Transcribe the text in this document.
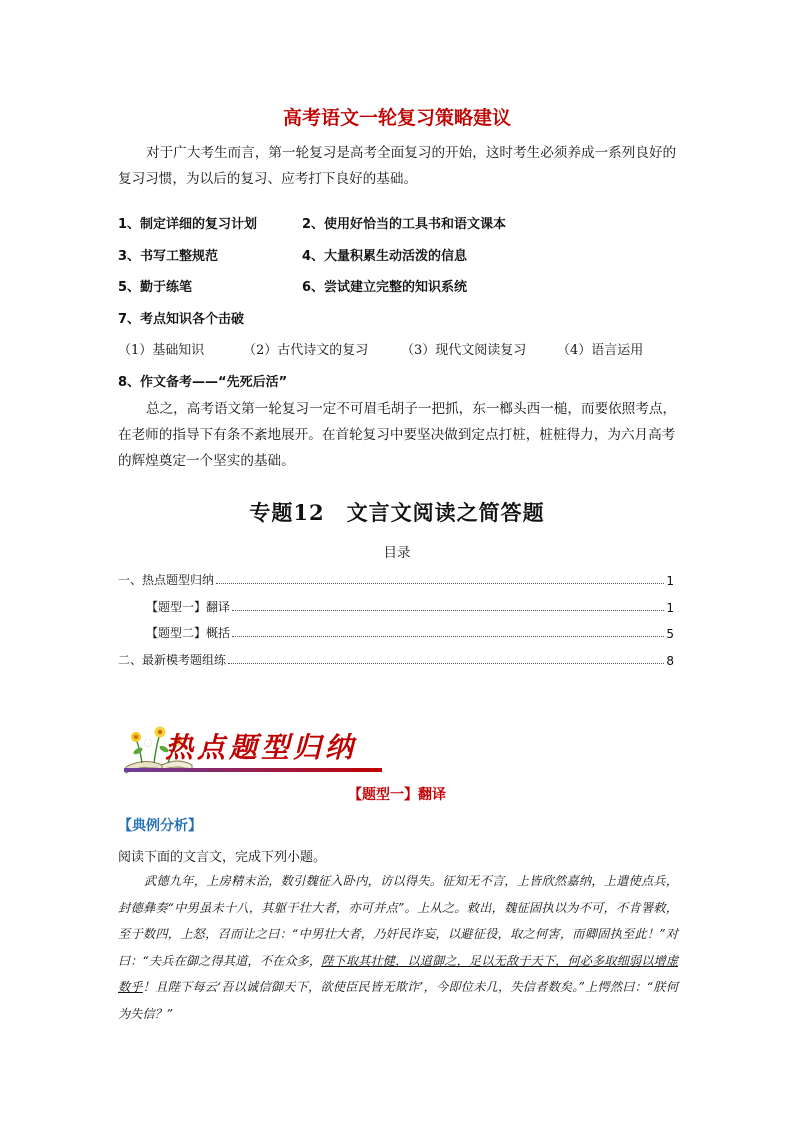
高考语文一轮复习策略建议
对于广大考生而言，第一轮复习是高考全面复习的开始，这时考生必须养成一系列良好的复习习惯，为以后的复习、应考打下良好的基础。
1、制定详细的复习计划	2、使用好恰当的工具书和语文课本
3、书写工整规范	4、大量积累生动活泼的信息
5、勤于练笔	6、尝试建立完整的知识系统
7、考点知识各个击破
（1）基础知识	（2）古代诗文的复习	（3）现代文阅读复习 （4）语言运用
8、作文备考——“先死后活”
总之，高考语文第一轮复习一定不可眉毛胡子一把抓，东一榔头西一槌，而要依照考点，在老师的指导下有条不紊地展开。在首轮复习中要坚决做到定点打桩，桩桩得力，为六月高考的辉煌奠定一个坚实的基础。
专题12　文言文阅读之简答题
目录
一、热点题型归纳	1
【题型一】翻译	1
【题型二】概括	5
二、最新模考题组练	8
热点题型归纳
【题型一】翻译
【典例分析】
阅读下面的文言文，完成下列小题。
武德九年，上房精末治，数引魏征入卧内，访以得失。征知无不言，上皆欣然嘉纳，上遣使点兵，封德彝奏“中男虽未十八，其躯干壮大者，亦可并点”。上从之。敕出，魏征固执以为不可，不肯署敕，至于数四，上怒，召而让之曰：“中男壮大者，乃奸民诈妄，以避征役，取之何害，而卿固执至此！”对曰：“夫兵在御之得其道，不在众多，陛下取其壮健，以道御之，足以无敌于天下，何必多取细弱以增虚数乎！且陛下每云‘吾以诚信御天下，欲使臣民皆无欺诈’，今即位未几，失信者数矣。”上愕然曰：“朕何为失信？”
